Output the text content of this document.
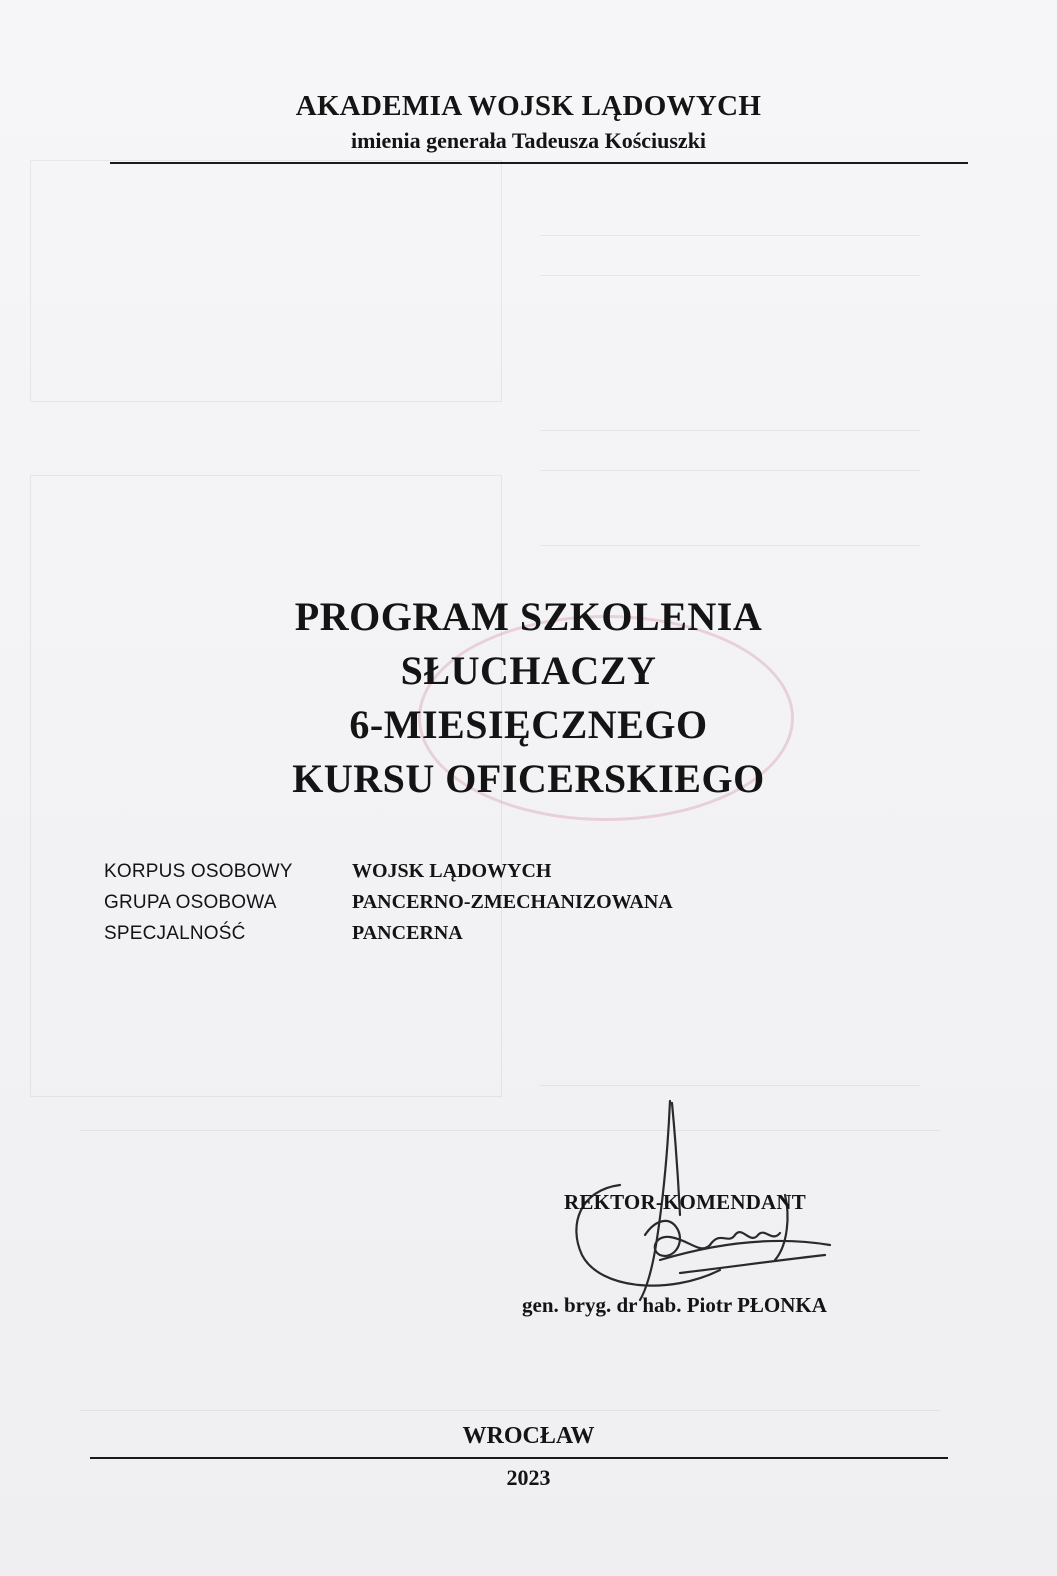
AKADEMIA WOJSK LĄDOWYCH
imienia generała Tadeusza Kościuszki
PROGRAM SZKOLENIA
SŁUCHACZY
6-MIESIĘCZNEGO
KURSU OFICERSKIEGO
KORPUS OSOBOWY	WOJSK LĄDOWYCH
GRUPA OSOBOWA	PANCERNO-ZMECHANIZOWANA
SPECJALNOŚĆ	PANCERNA
REKTOR-KOMENDANT
gen. bryg. dr hab. Piotr PŁONKA
WROCŁAW
2023
